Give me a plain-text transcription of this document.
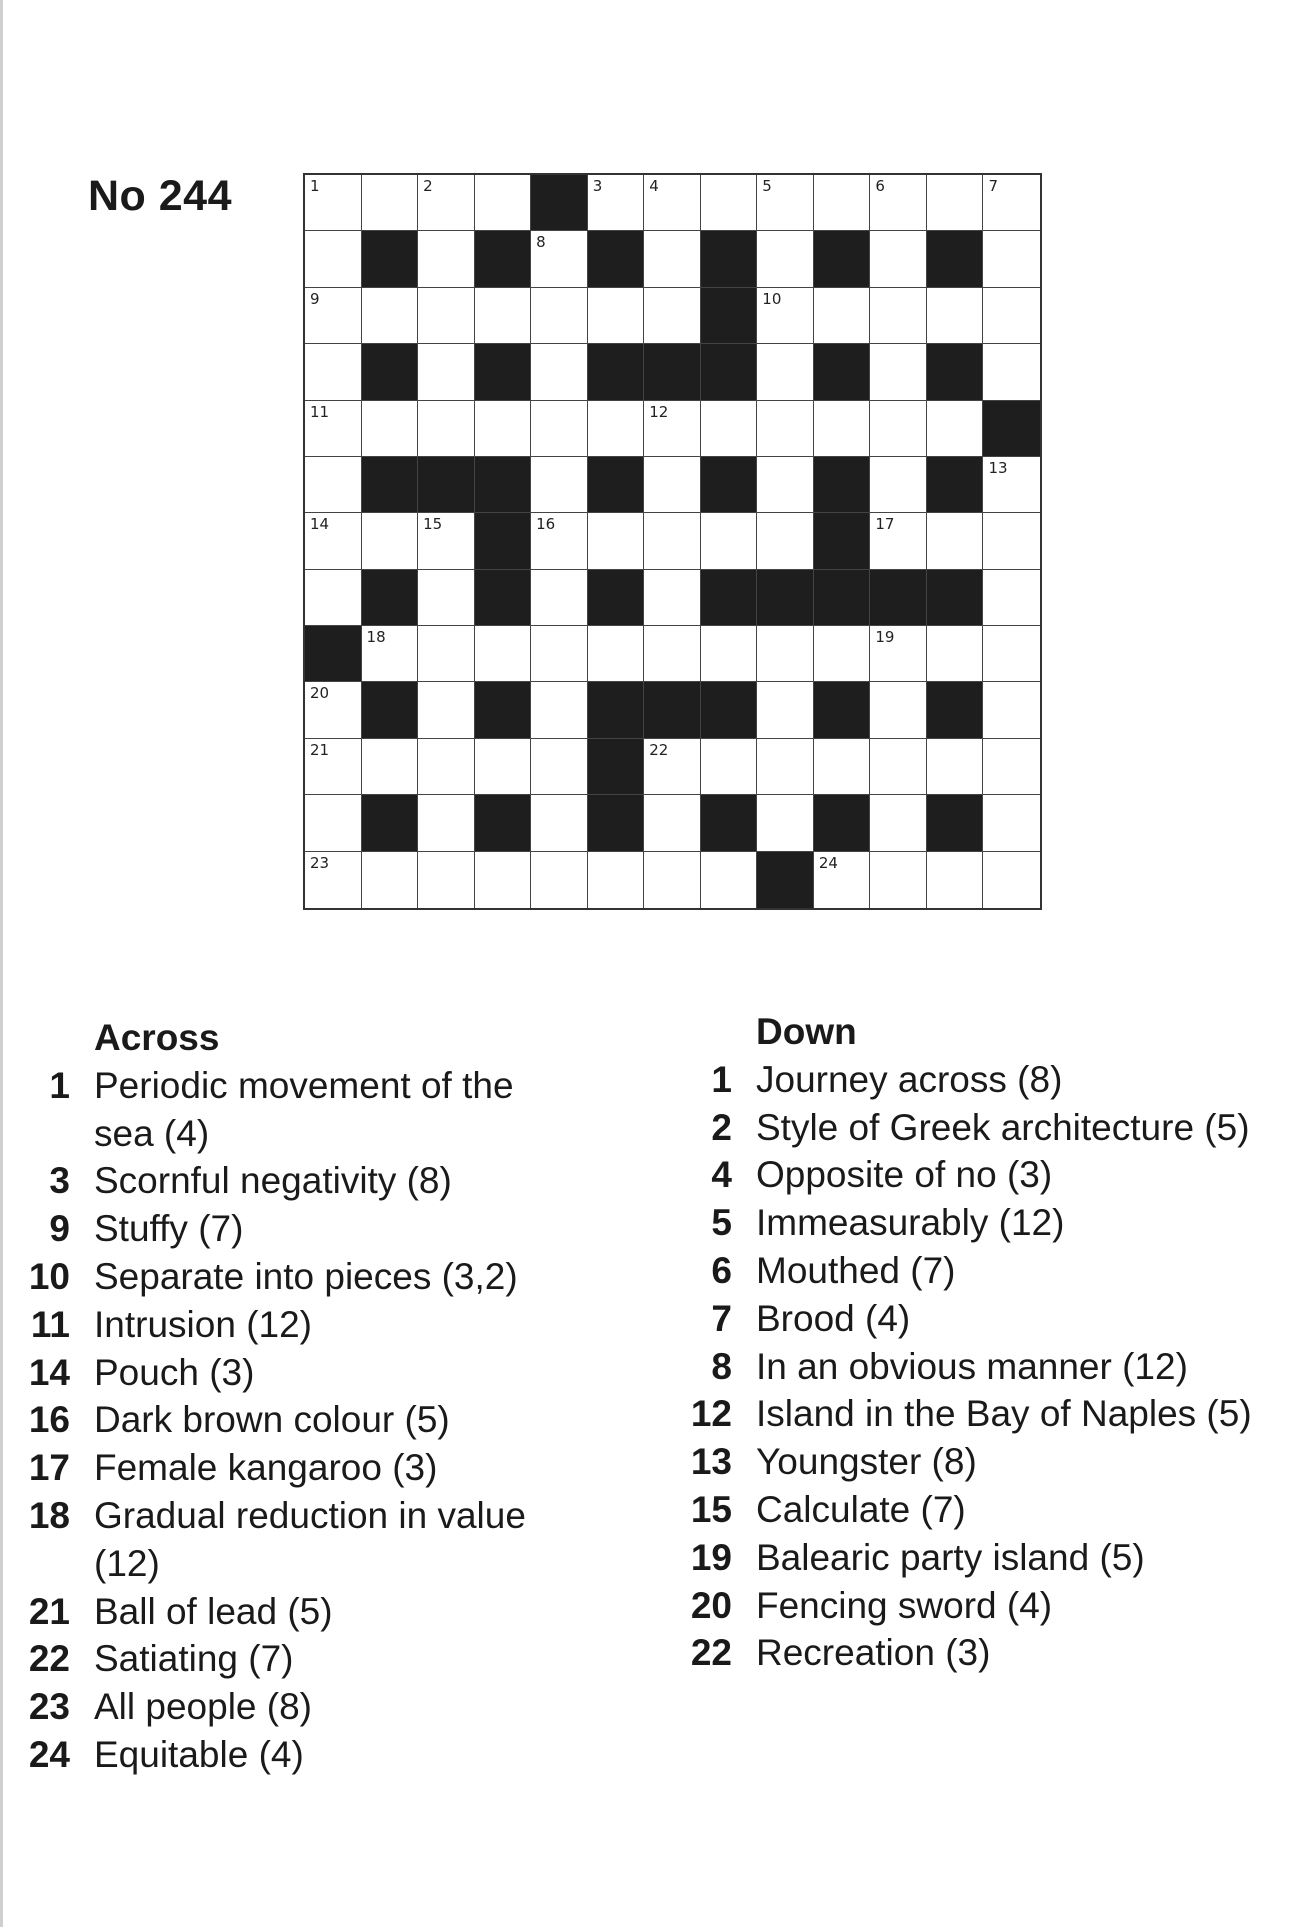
No 244	1	2	3	4	5	6	7
8
9	10
11	12
13
14	15	16	17
18	19
20
21	22
23	24
Across
1 Periodic movement of the sea (4)
3 Scornful negativity (8)
9 Stuffy (7)
10 Separate into pieces (3,2)
11 Intrusion (12)
14 Pouch (3)
16 Dark brown colour (5)
17 Female kangaroo (3)
18 Gradual reduction in value (12)
21 Ball of lead (5)
22 Satiating (7)
23 All people (8)
24 Equitable (4)
Down
1 Journey across (8)
2 Style of Greek architecture (5)
4 Opposite of no (3)
5 Immeasurably (12)
6 Mouthed (7)
7 Brood (4)
8 In an obvious manner (12)
12 Island in the Bay of Naples (5)
13 Youngster (8)
15 Calculate (7)
19 Balearic party island (5)
20 Fencing sword (4)
22 Recreation (3)
